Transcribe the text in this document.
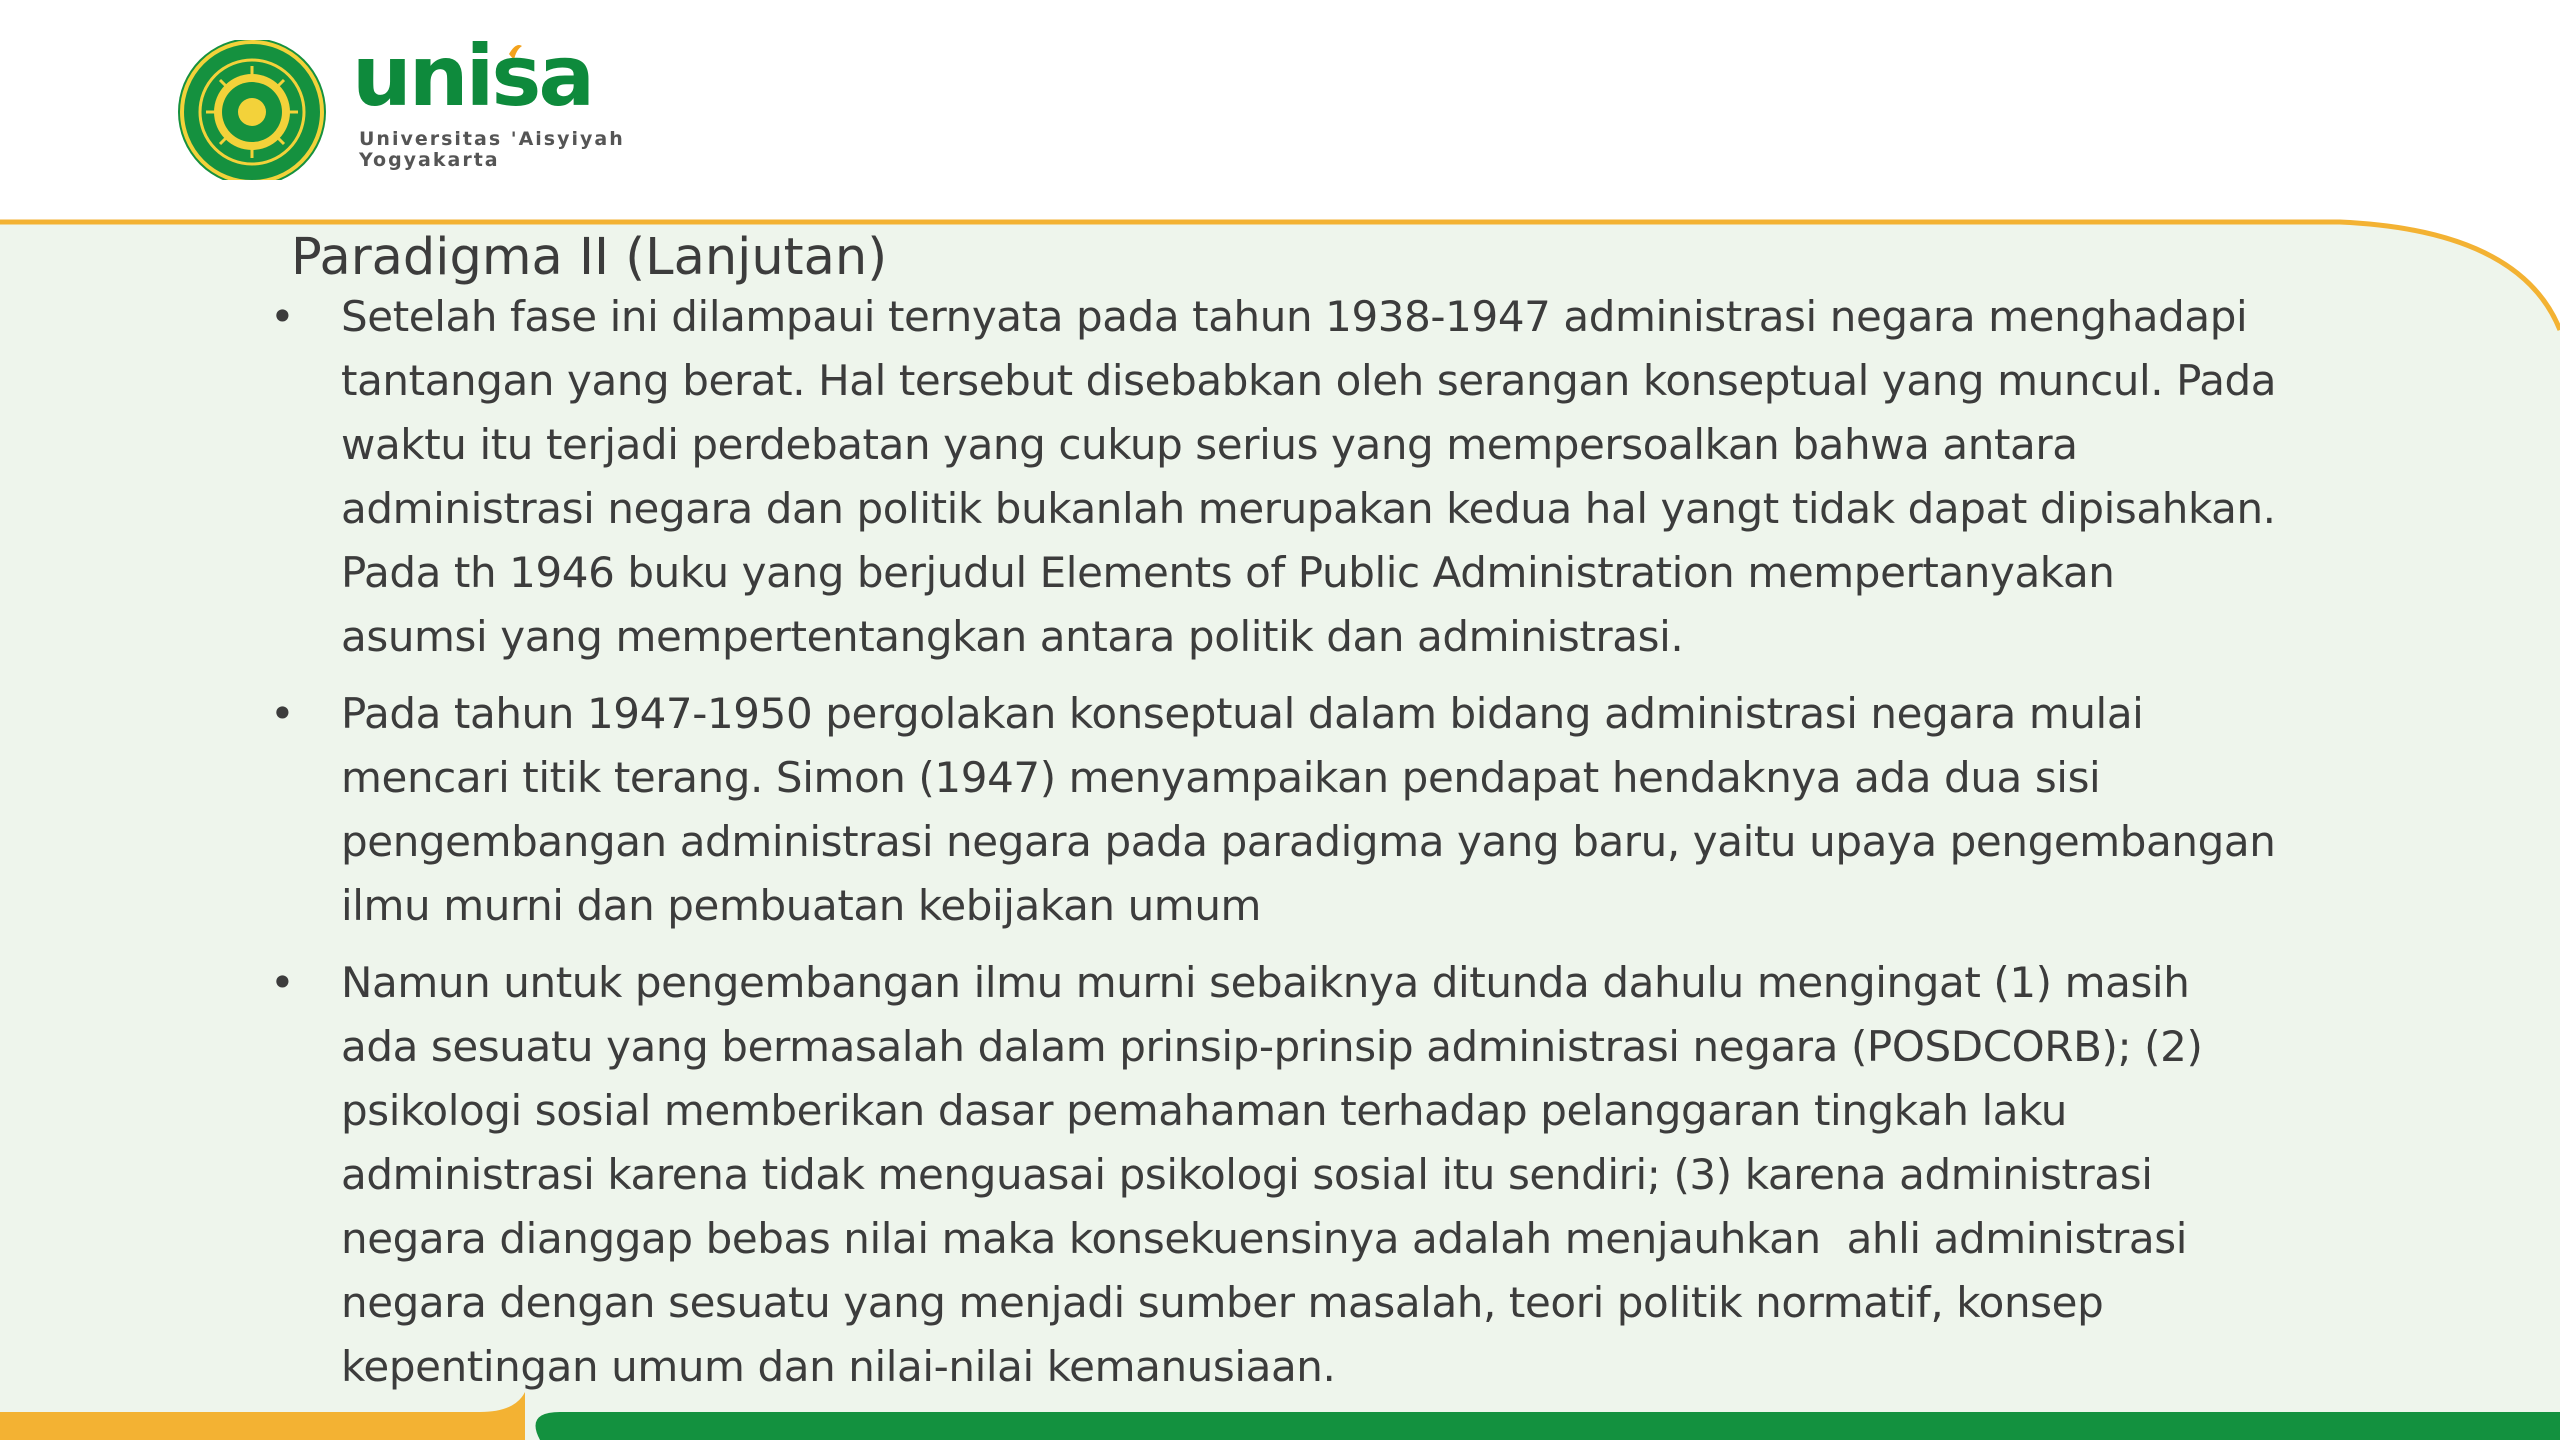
unisa
Universitas 'Aisyiyah
Yogyakarta
Paradigma II (Lanjutan)
• Setelah fase ini dilampaui ternyata pada tahun 1938-1947 administrasi negara menghadapi
tantangan yang berat. Hal tersebut disebabkan oleh serangan konseptual yang muncul. Pada
waktu itu terjadi perdebatan yang cukup serius yang mempersoalkan bahwa antara
administrasi negara dan politik bukanlah merupakan kedua hal yangt tidak dapat dipisahkan.
Pada th 1946 buku yang berjudul Elements of Public Administration mempertanyakan
asumsi yang mempertentangkan antara politik dan administrasi.
• Pada tahun 1947-1950 pergolakan konseptual dalam bidang administrasi negara mulai
mencari titik terang. Simon (1947) menyampaikan pendapat hendaknya ada dua sisi
pengembangan administrasi negara pada paradigma yang baru, yaitu upaya pengembangan
ilmu murni dan pembuatan kebijakan umum
• Namun untuk pengembangan ilmu murni sebaiknya ditunda dahulu mengingat (1) masih
ada sesuatu yang bermasalah dalam prinsip-prinsip administrasi negara (POSDCORB); (2)
psikologi sosial memberikan dasar pemahaman terhadap pelanggaran tingkah laku
administrasi karena tidak menguasai psikologi sosial itu sendiri; (3) karena administrasi
negara dianggap bebas nilai maka konsekuensinya adalah menjauhkan  ahli administrasi
negara dengan sesuatu yang menjadi sumber masalah, teori politik normatif, konsep
kepentingan umum dan nilai-nilai kemanusiaan.
